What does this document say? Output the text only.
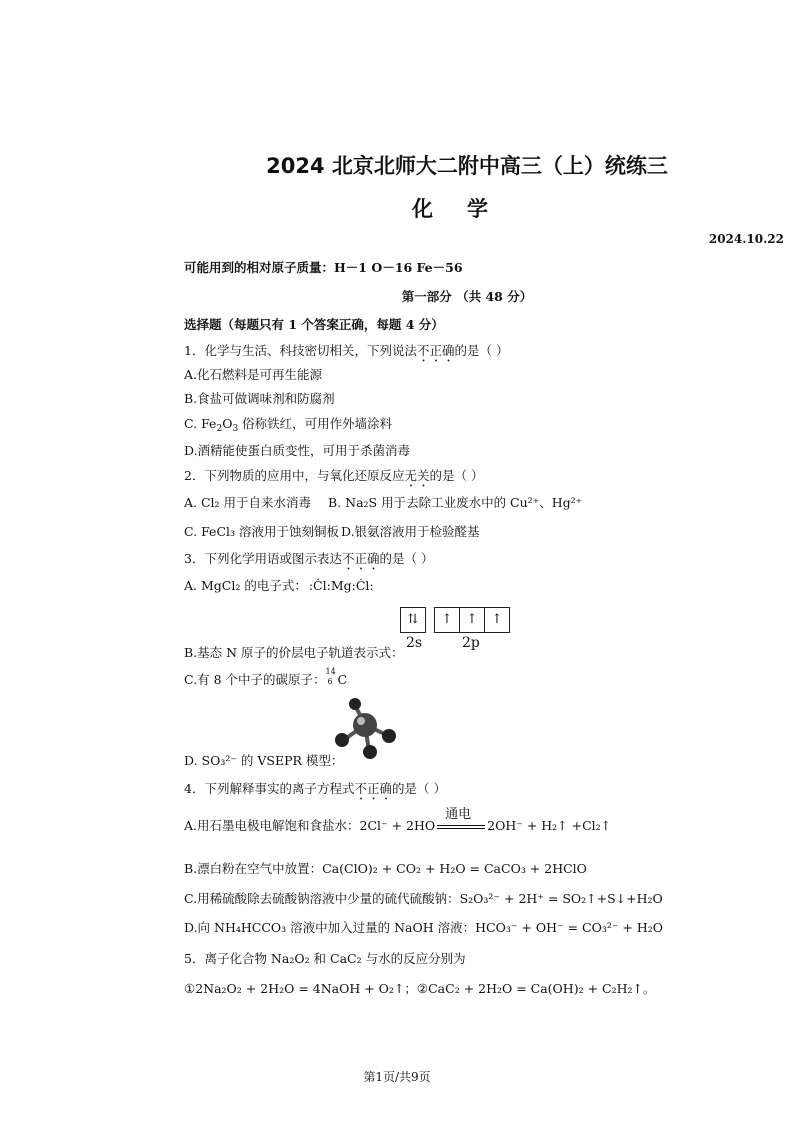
2024 北京北师大二附中高三（上）统练三
化学
2024.10.22
可能用到的相对原子质量：H－1 O－16 Fe－56
第一部分 （共 48 分）
选择题（每题只有 1 个答案正确，每题 4 分）
1．化学与生活、科技密切相关，下列说法不正确的是（ ）
A.化石燃料是可再生能源
B.食盐可做调味剂和防腐剂
C. $Fe_2O_3$ 俗称铁红，可用作外墙涂料
D.酒精能使蛋白质变性，可用于杀菌消毒
2．下列物质的应用中，与氧化还原反应无关的是（ ）
A. Cl₂ 用于自来水消毒 B. Na₂S 用于去除工业废水中的 Cu²⁺、Hg²⁺
C. FeCl₃ 溶液用于蚀刻铜板 D.银氨溶液用于检验醛基
3．下列化学用语或图示表达不正确的是（ ）
A. MgCl₂ 的电子式： :Ċl:Mg:Ċl:
⇅	↑	↑	↑
2s	2p
B.基态 N 原子的价层电子轨道表示式：
C.有 8 个中子的碳原子：
14
6 C
D. SO₃²⁻ 的 VSEPR 模型：
4．下列解释事实的离子方程式不正确的是（ ）
A.用石墨电极电解饱和食盐水：2Cl⁻ + 2HO
通电
2OH⁻ + H₂↑ +Cl₂↑
B.漂白粉在空气中放置：Ca(ClO)₂ + CO₂ + H₂O = CaCO₃ + 2HClO
C.用稀硫酸除去硫酸钠溶液中少量的硫代硫酸钠：S₂O₃²⁻ + 2H⁺ = SO₂↑+S↓+H₂O
D.向 NH₄HCCO₃ 溶液中加入过量的 NaOH 溶液：HCO₃⁻ + OH⁻ = CO₃²⁻ + H₂O
5．离子化合物 Na₂O₂ 和 CaC₂ 与水的反应分别为
①2Na₂O₂ + 2H₂O = 4NaOH + O₂↑；②CaC₂ + 2H₂O = Ca(OH)₂ + C₂H₂↑。
第1页/共9页
